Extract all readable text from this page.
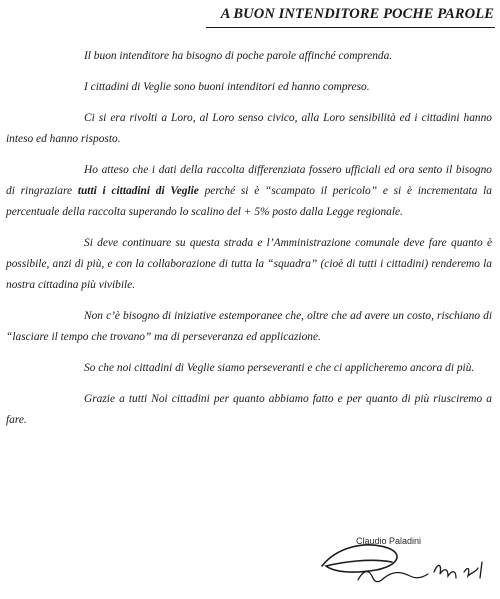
A BUON INTENDITORE POCHE PAROLE

Il buon intenditore ha bisogno di poche parole affinché comprenda.

I cittadini di Veglie sono buoni intenditori ed hanno compreso.

Ci si era rivolti a Loro, al Loro senso civico, alla Loro sensibilità ed i cittadini hanno inteso ed hanno risposto.

Ho atteso che i dati della raccolta differenziata fossero ufficiali ed ora sento il bisogno di ringraziare tutti i cittadini di Veglie perché si è “scampato il pericolo” e si è incrementata la percentuale della raccolta superando lo scalino del + 5% posto dalla Legge regionale.

Si deve continuare su questa strada e l’Amministrazione comunale deve fare quanto è possibile, anzi di più, e con la collaborazione di tutta la “squadra” (cioè di tutti i cittadini) renderemo la nostra cittadina più vivibile.

Non c’è bisogno di iniziative estemporanee che, oltre che ad avere un costo, rischiano di “lasciare il tempo che trovano” ma di perseveranza ed applicazione.

So che noi cittadini di Veglie siamo perseveranti e che ci applicheremo ancora di più.

Grazie a tutti Noi cittadini per quanto abbiamo fatto e per quanto di più riusciremo a fare.

Claudio Paladini
